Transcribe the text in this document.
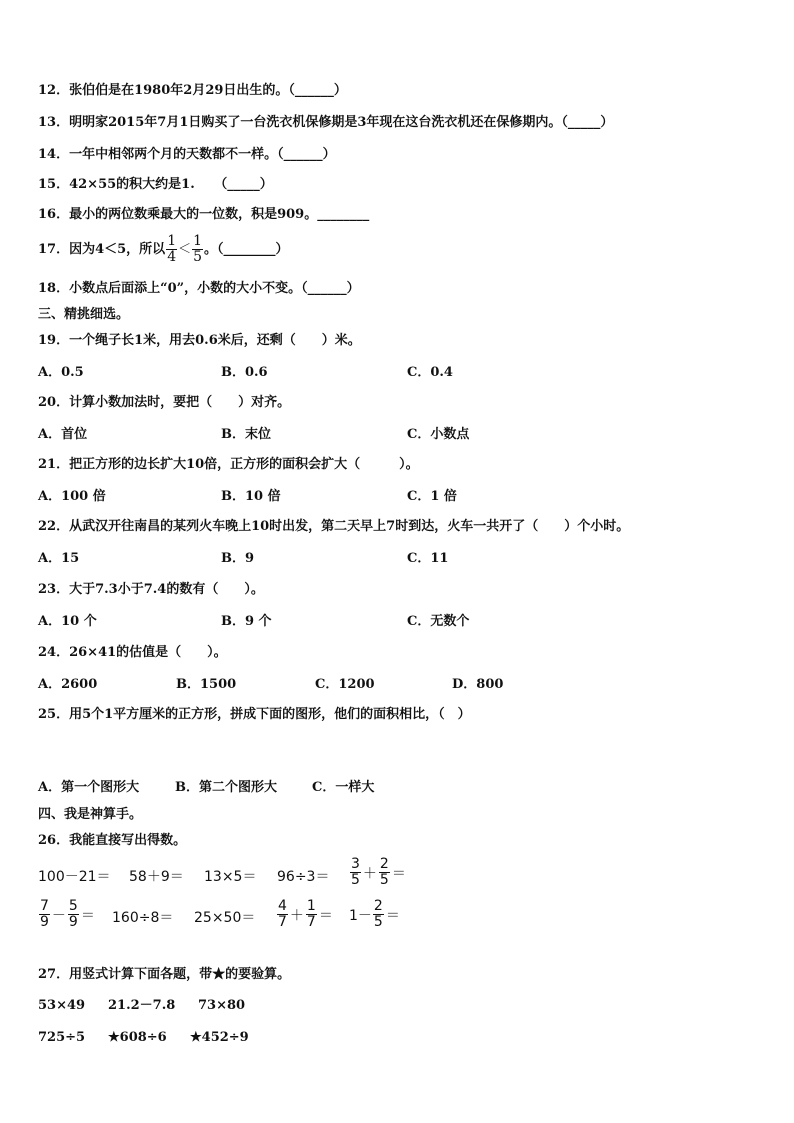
12．张伯伯是在1980年2月29日出生的。（______）
13．明明家2015年7月1日购买了一台洗衣机保修期是3年现在这台洗衣机还在保修期内。（_____）
14．一年中相邻两个月的天数都不一样。（______）
15．42×55的积大约是1.　　（_____）
16．最小的两位数乘最大的一位数，积是909。________
17．因为4＜5，所以 $\frac{1}{4} < \frac{1}{5}$ 。（________）
18．小数点后面添上“0”，小数的大小不变。（______）
三、精挑细选。
19．一个绳子长1米，用去0.6米后，还剩（　　）米。
A．0.5	B．0.6	C．0.4
20．计算小数加法时，要把（　　）对齐。
A．首位	B．末位	C．小数点
21．把正方形的边长扩大10倍，正方形的面积会扩大（　　　）。
A．100 倍	B．10 倍	C．1 倍
22．从武汉开往南昌的某列火车晚上10时出发，第二天早上7时到达，火车一共开了（　　）个小时。
A．15	B．9	C．11
23．大于7.3小于7.4的数有（　　）。
A．10 个	B．9 个	C．无数个
24．26×41的估值是（　　）。
A．2600	B．1500	C．1200	D．800
25．用5个1平方厘米的正方形，拼成下面的图形，他们的面积相比，（　）
A．第一个图形大	B．第二个图形大	C．一样大
四、我是神算手。
26．我能直接写出得数。
$100-21= 58+9= 13\times 5= 96\div 3= \frac{3}{5} + \frac{2}{5}$ ＝
$\frac{7}{9} - \frac{5}{9} = 160\div 8= 25\times 50= \frac{4}{7} + \frac{1}{7} = 1- \frac{2}{5}$ ＝
27．用竖式计算下面各题，带★的要验算。
53×49 21.2－7.8 73×80
725÷5 ★608÷6 ★452÷9
